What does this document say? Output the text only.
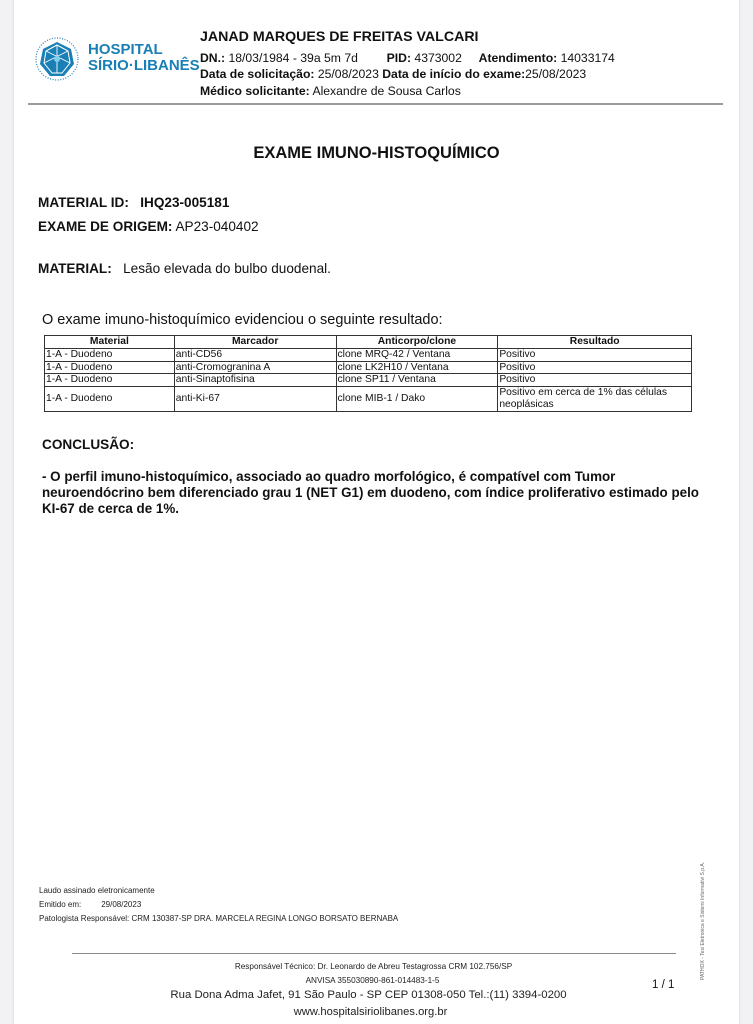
HOSPITAL
SÍRIO·LIBANÊS
JANAD MARQUES DE FREITAS VALCARI
DN.: 18/03/1984 - 39a 5m 7d PID: 4373002 Atendimento: 14033174
Data de solicitação: 25/08/2023 Data de início do exame:25/08/2023
Médico solicitante: Alexandre de Sousa Carlos
EXAME IMUNO-HISTOQUÍMICO
MATERIAL ID: IHQ23-005181
EXAME DE ORIGEM: AP23-040402
MATERIAL: Lesão elevada do bulbo duodenal.
O exame imuno-histoquímico evidenciou o seguinte resultado:
Material	Marcador	Anticorpo/clone	Resultado
1-A - Duodeno	anti-CD56	clone MRQ-42 / Ventana	Positivo
1-A - Duodeno	anti-Cromogranina A	clone LK2H10 / Ventana	Positivo
1-A - Duodeno	anti-Sinaptofisina	clone SP11 / Ventana	Positivo
1-A - Duodeno	anti-Ki-67	clone MIB-1 / Dako	Positivo em cerca de 1% das células neoplásicas
CONCLUSÃO:
- O perfil imuno-histoquímico, associado ao quadro morfológico, é compatível com Tumor neuroendócrino bem diferenciado grau 1 (NET G1) em duodeno, com índice proliferativo estimado pelo KI-67 de cerca de 1%.
Laudo assinado eletronicamente
Emitido em:	29/08/2023
Patologista Responsável: CRM 130387-SP DRA. MARCELA REGINA LONGO BORSATO BERNABA
Responsável Técnico: Dr. Leonardo de Abreu Testagrossa CRM 102.756/SP
ANVISA 355030890-861-014483-1-5
Rua Dona Adma Jafet, 91 São Paulo - SP CEP 01308-050 Tel.:(11) 3394-0200
www.hospitalsiriolibanes.org.br
1 / 1
PATHOX - Tesi Eletronica e Sistemi Informativi S.p.A.
